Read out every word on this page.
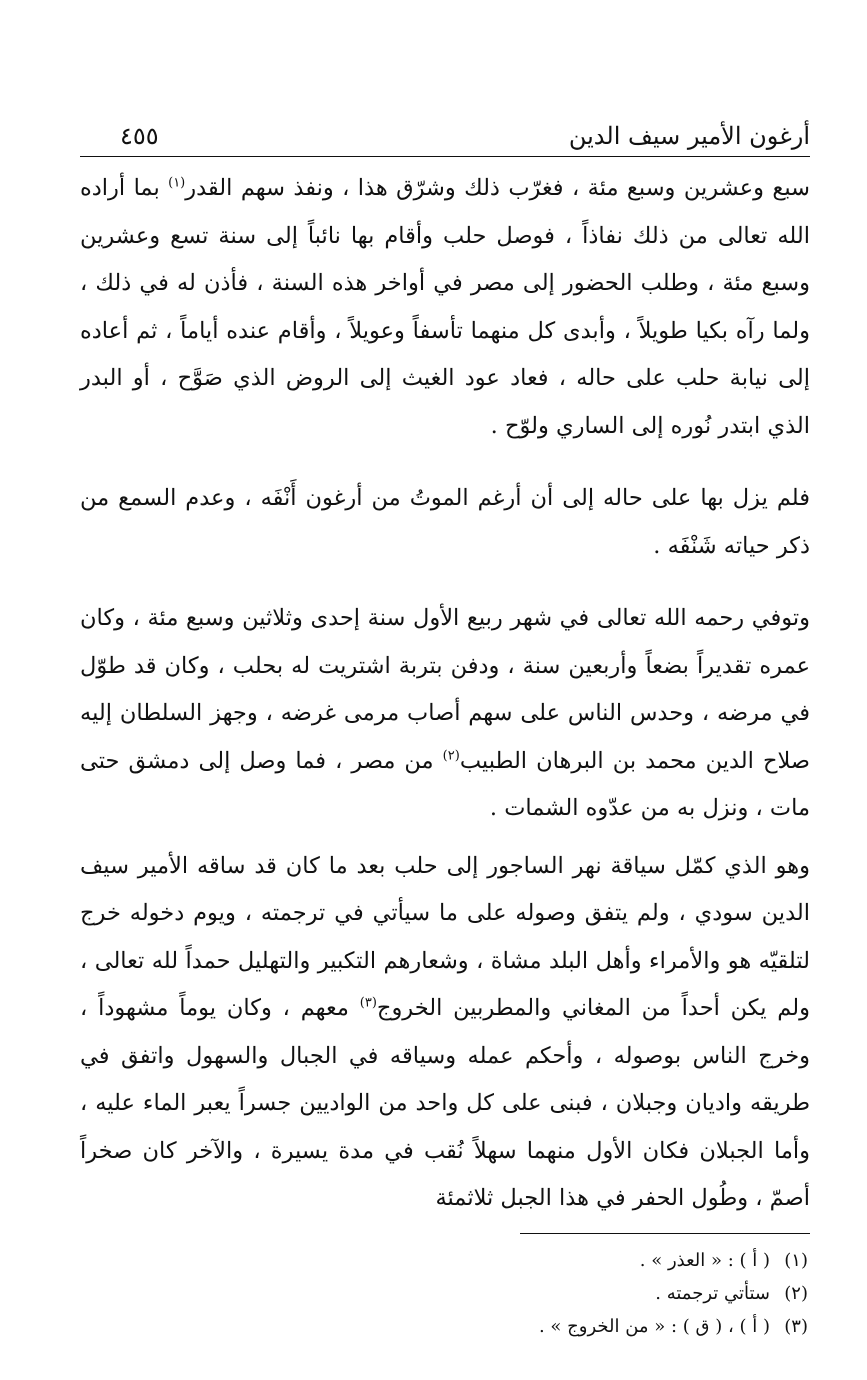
أرغون الأمير سيف الدين
٤٥٥

سبع وعشرين وسبع مئة ، فغرّب ذلك وشرّق هذا ، ونفذ سهم القدر$^{(١)}$ بما أراده الله تعالى من ذلك نفاذاً ، فوصل حلب وأقام بها نائباً إلى سنة تسع وعشرين وسبع مئة ، وطلب الحضور إلى مصر في أواخر هذه السنة ، فأذن له في ذلك ، ولما رآه بكيا طويلاً ، وأبدى كل منهما تأسفاً وعويلاً ، وأقام عنده أياماً ، ثم أعاده إلى نيابة حلب على حاله ، فعاد عود الغيث إلى الروض الذي صَوَّح ، أو البدر الذي ابتدر نُوره إلى الساري ولوّح .

فلم يزل بها على حاله إلى أن أرغم الموتُ من أرغون أَنْفَه ، وعدم السمع من ذكر حياته شَنْفَه .

وتوفي رحمه الله تعالى في شهر ربيع الأول سنة إحدى وثلاثين وسبع مئة ، وكان عمره تقديراً بضعاً وأربعين سنة ، ودفن بتربة اشتريت له بحلب ، وكان قد طوّل في مرضه ، وحدس الناس على سهم أصاب مرمى غرضه ، وجهز السلطان إليه صلاح الدين محمد بن البرهان الطبيب$^{(٢)}$ من مصر ، فما وصل إلى دمشق حتى مات ، ونزل به من عدّوه الشمات .

وهو الذي كمّل سياقة نهر الساجور إلى حلب بعد ما كان قد ساقه الأمير سيف الدين سودي ، ولم يتفق وصوله على ما سيأتي في ترجمته ، ويوم دخوله خرج لتلقيّه هو والأمراء وأهل البلد مشاة ، وشعارهم التكبير والتهليل حمداً لله تعالى ، ولم يكن أحداً من المغاني والمطربين الخروج$^{(٣)}$ معهم ، وكان يوماً مشهوداً ، وخرج الناس بوصوله ، وأحكم عمله وسياقه في الجبال والسهول واتفق في طريقه واديان وجبلان ، فبنى على كل واحد من الواديين جسراً يعبر الماء عليه ، وأما الجبلان فكان الأول منهما سهلاً نُقب في مدة يسيرة ، والآخر كان صخراً أصمّ ، وطُول الحفر في هذا الجبل ثلاثمئة

(١)
( أ ) : « العذر » .
(٢)
ستأتي ترجمته .
(٣)
( أ ) ، ( ق ) : « من الخروج » .
